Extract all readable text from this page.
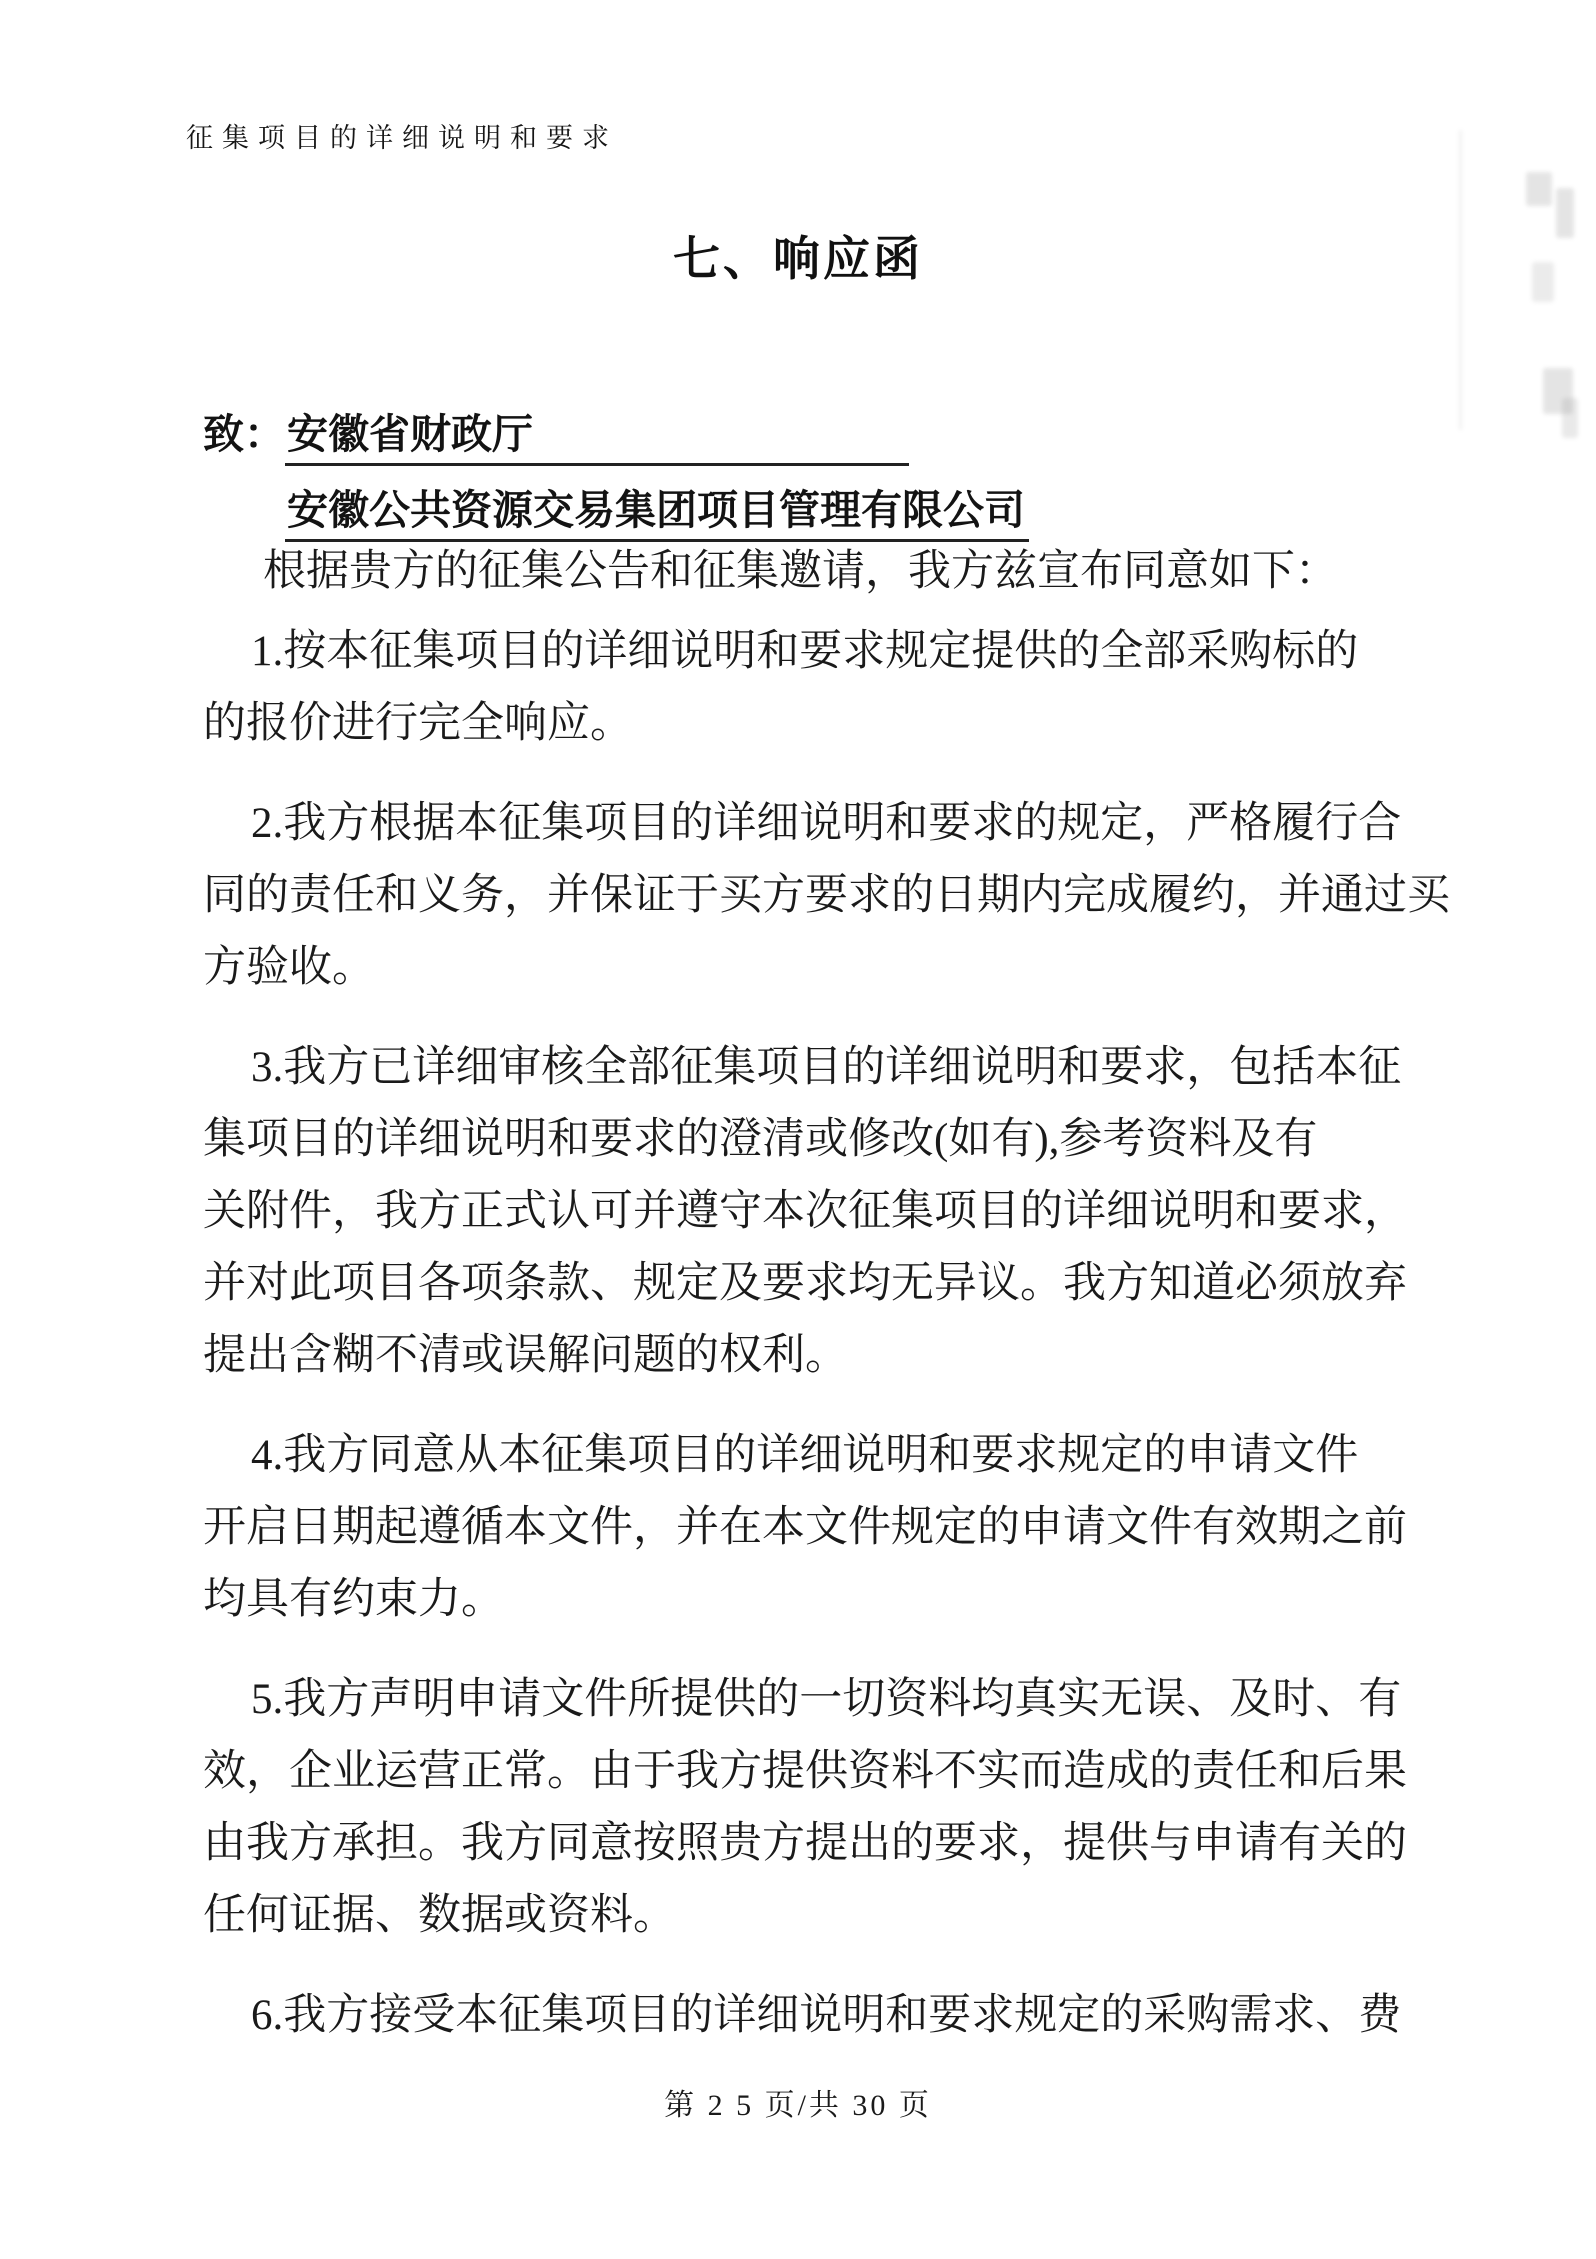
征集项目的详细说明和要求
七、响应函
致：安徽省财政厅
安徽公共资源交易集团项目管理有限公司
根据贵方的征集公告和征集邀请，我方兹宣布同意如下：
1.按本征集项目的详细说明和要求规定提供的全部采购标的
的报价进行完全响应。
2.我方根据本征集项目的详细说明和要求的规定，严格履行合
同的责任和义务，并保证于买方要求的日期内完成履约，并通过买
方验收。
3.我方已详细审核全部征集项目的详细说明和要求，包括本征
集项目的详细说明和要求的澄清或修改(如有),参考资料及有
关附件，我方正式认可并遵守本次征集项目的详细说明和要求，
并对此项目各项条款、规定及要求均无异议。我方知道必须放弃
提出含糊不清或误解问题的权利。
4.我方同意从本征集项目的详细说明和要求规定的申请文件
开启日期起遵循本文件，并在本文件规定的申请文件有效期之前
均具有约束力。
5.我方声明申请文件所提供的一切资料均真实无误、及时、有
效，企业运营正常。由于我方提供资料不实而造成的责任和后果
由我方承担。我方同意按照贵方提出的要求，提供与申请有关的
任何证据、数据或资料。
6.我方接受本征集项目的详细说明和要求规定的采购需求、费
第 2 5 页/共 30 页
